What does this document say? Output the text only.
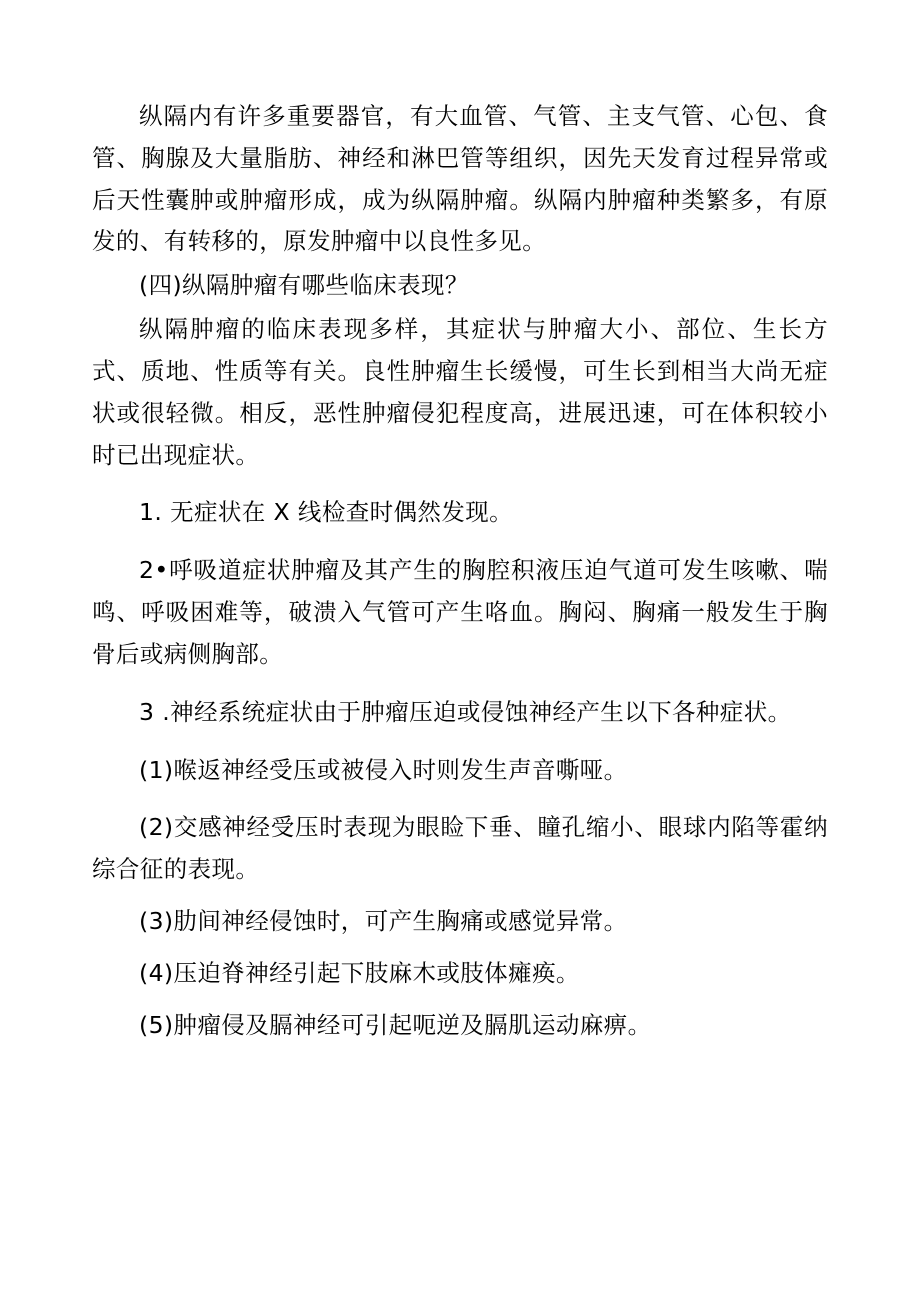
纵隔内有许多重要器官，有大血管、气管、主支气管、心包、食管、胸腺及大量脂肪、神经和淋巴管等组织，因先天发育过程异常或后天性囊肿或肿瘤形成，成为纵隔肿瘤。纵隔内肿瘤种类繁多，有原发的、有转移的，原发肿瘤中以良性多见。

(四)纵隔肿瘤有哪些临床表现？

纵隔肿瘤的临床表现多样，其症状与肿瘤大小、部位、生长方式、质地、性质等有关。良性肿瘤生长缓慢，可生长到相当大尚无症状或很轻微。相反，恶性肿瘤侵犯程度高，进展迅速，可在体积较小时已出现症状。

1. 无症状在 X 线检查时偶然发现。

2•呼吸道症状肿瘤及其产生的胸腔积液压迫气道可发生咳嗽、喘鸣、呼吸困难等，破溃入气管可产生咯血。胸闷、胸痛一般发生于胸骨后或病侧胸部。

3 .神经系统症状由于肿瘤压迫或侵蚀神经产生以下各种症状。

(1)喉返神经受压或被侵入时则发生声音嘶哑。

(2)交感神经受压时表现为眼睑下垂、瞳孔缩小、眼球内陷等霍纳综合征的表现。

(3)肋间神经侵蚀时，可产生胸痛或感觉异常。

(4)压迫脊神经引起下肢麻木或肢体瘫痪。

(5)肿瘤侵及膈神经可引起呃逆及膈肌运动麻痹。
